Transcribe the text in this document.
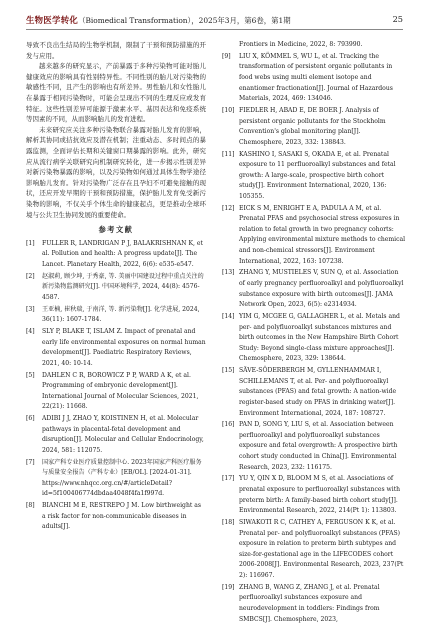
生物医学转化（Biomedical Transformation），2025年3月，第6卷，第1期	25

导致不良出生结局的生物学机制，限制了干预和预防措施的开发与应用。

越来越多的研究显示，产前暴露于多种污染物可能对胎儿健康效应的影响具有性别特异性。不同性别的胎儿对污染物的敏感性不同，且产生的影响也有所差异。男性胎儿和女性胎儿在暴露于相同污染物时，可能会呈现出不同的生理反应或发育特征。这些性别差异可能源于激素水平、基因表达和免疫系统等因素的不同，从而影响胎儿的发育进程。

未来研究应关注多种污染物联合暴露对胎儿发育的影响，解析其协同或拮抗效应及潜在机制；注重动态、多时间点的暴露监测，全面评估长期和关键窗口期暴露的影响。此外，研究应从流行病学关联研究向机制研究转化，进一步揭示性别差异对新污染物暴露的影响，以及污染物如何通过具体生物学途径影响胎儿发育。针对污染物广泛存在且孕妇不可避免接触的现状，还应开发早期的干预和预防措施，保护胎儿发育免受新污染物的影响，不仅关乎个体生命的健康起点，更是推动全球环境与公共卫生协同发展的重要使命。

参考文献
[1]	FULLER R, LANDRIGAN P J, BALAKRISHNAN K, et al. Pollution and health: A progress update[J]. The Lancet. Planetary Health, 2022, 6(6): e535-e547.
[2]	赵淑莉, 顾少坤, 于秀豪, 等. 美丽中国建设过程中重点关注的新污染物监测研究[J]. 中国环境科学, 2024, 44(8): 4576-4587.
[3]	王亚楠, 崔秋瑞, 于南洋, 等. 新污染物[J]. 化学进展, 2024, 36(11): 1607-1784.
[4]	SLY P, BLAKE T, ISLAM Z. Impact of prenatal and early life environmental exposures on normal human development[J]. Paediatric Respiratory Reviews, 2021, 40: 10-14.
[5]	DAHLEN C R, BOROWICZ P P, WARD A K, et al. Programming of embryonic development[J]. International Journal of Molecular Sciences, 2021, 22(21): 11668.
[6]	ADIBI J J, ZHAO Y, KOISTINEN H, et al. Molecular pathways in placental-fetal development and disruption[J]. Molecular and Cellular Endocrinology, 2024, 581: 112075.
[7]	国家产科专业医疗质量控制中心. 2023年国家产科医疗服务与质量安全报告（产科专业）[EB/OL]. [2024-01-31]. https://www.nhqcc.org.cn/#/articleDetail?id=5f100406774dbdaa4048f4fa1f997d.
[8]	BIANCHI M E, RESTREPO J M. Low birthweight as a risk factor for non-communicable diseases in adults[J].
Frontiers in Medicine, 2022, 8: 793990.
[9]	LIU X, KÖMMEL S, WU L, et al. Tracking the transformation of persistent organic pollutants in food webs using multi element isotope and enantiomer fractionation[J]. Journal of Hazardous Materials, 2024, 469: 134046.
[10] FIEDLER H, ABAD E, DE BOER J. Analysis of persistent organic pollutants for the Stockholm Convention's global monitoring plan[J]. Chemosphere, 2023, 332: 138843.
[11] KASHINO I, SASAKI S, OKADA E, et al. Prenatal exposure to 11 perfluoroalkyl substances and fetal growth: A large-scale, prospective birth cohort study[J]. Environment International, 2020, 136: 105355.
[12] EICK S M, ENRIGHT E A, PADULA A M, et al. Prenatal PFAS and psychosocial stress exposures in relation to fetal growth in two pregnancy cohorts: Applying environmental mixture methods to chemical and non-chemical stressors[J]. Environment International, 2022, 163: 107238.
[13] ZHANG Y, MUSTIELES V, SUN Q, et al. Association of early pregnancy perfluoroalkyl and polyfluoroalkyl substance exposure with birth outcomes[J]. JAMA Network Open, 2023, 6(5): e2314934.
[14] YIM G, MCGEE G, GALLAGHER L, et al. Metals and per- and polyfluoroalkyl substances mixtures and birth outcomes in the New Hampshire Birth Cohort Study: Beyond single-class mixture approaches[J]. Chemosphere, 2023, 329: 138644.
[15] SÄVE-SÖDERBERGH M, GYLLENHAMMAR I, SCHILLEMANS T, et al. Per- and polyfluoroalkyl substances (PFAS) and fetal growth: A nation-wide register-based study on PFAS in drinking water[J]. Environment International, 2024, 187: 108727.
[16] PAN D, SONG Y, LIU S, et al. Association between perfluoroalkyl and polyfluoroalkyl substances exposure and fetal overgrowth: A prospective birth cohort study conducted in China[J]. Environmental Research, 2023, 232: 116175.
[17] YU Y, QIN X D, BLOOM M S, et al. Associations of prenatal exposure to perfluoroalkyl substances with preterm birth: A family-based birth cohort study[J]. Environmental Research, 2022, 214(Pt 1): 113803.
[18] SIWAKOTI R C, CATHEY A, FERGUSON K K, et al. Prenatal per- and polyfluoroalkyl substances (PFAS) exposure in relation to preterm birth subtypes and size-for-gestational age in the LIFECODES cohort 2006-2008[J]. Environmental Research, 2023, 237(Pt 2): 116967.
[19] ZHANG B, WANG Z, ZHANG J, et al. Prenatal perfluoroalkyl substances exposure and neurodevelopment in toddlers: Findings from SMBCS[J]. Chemosphere, 2023,
